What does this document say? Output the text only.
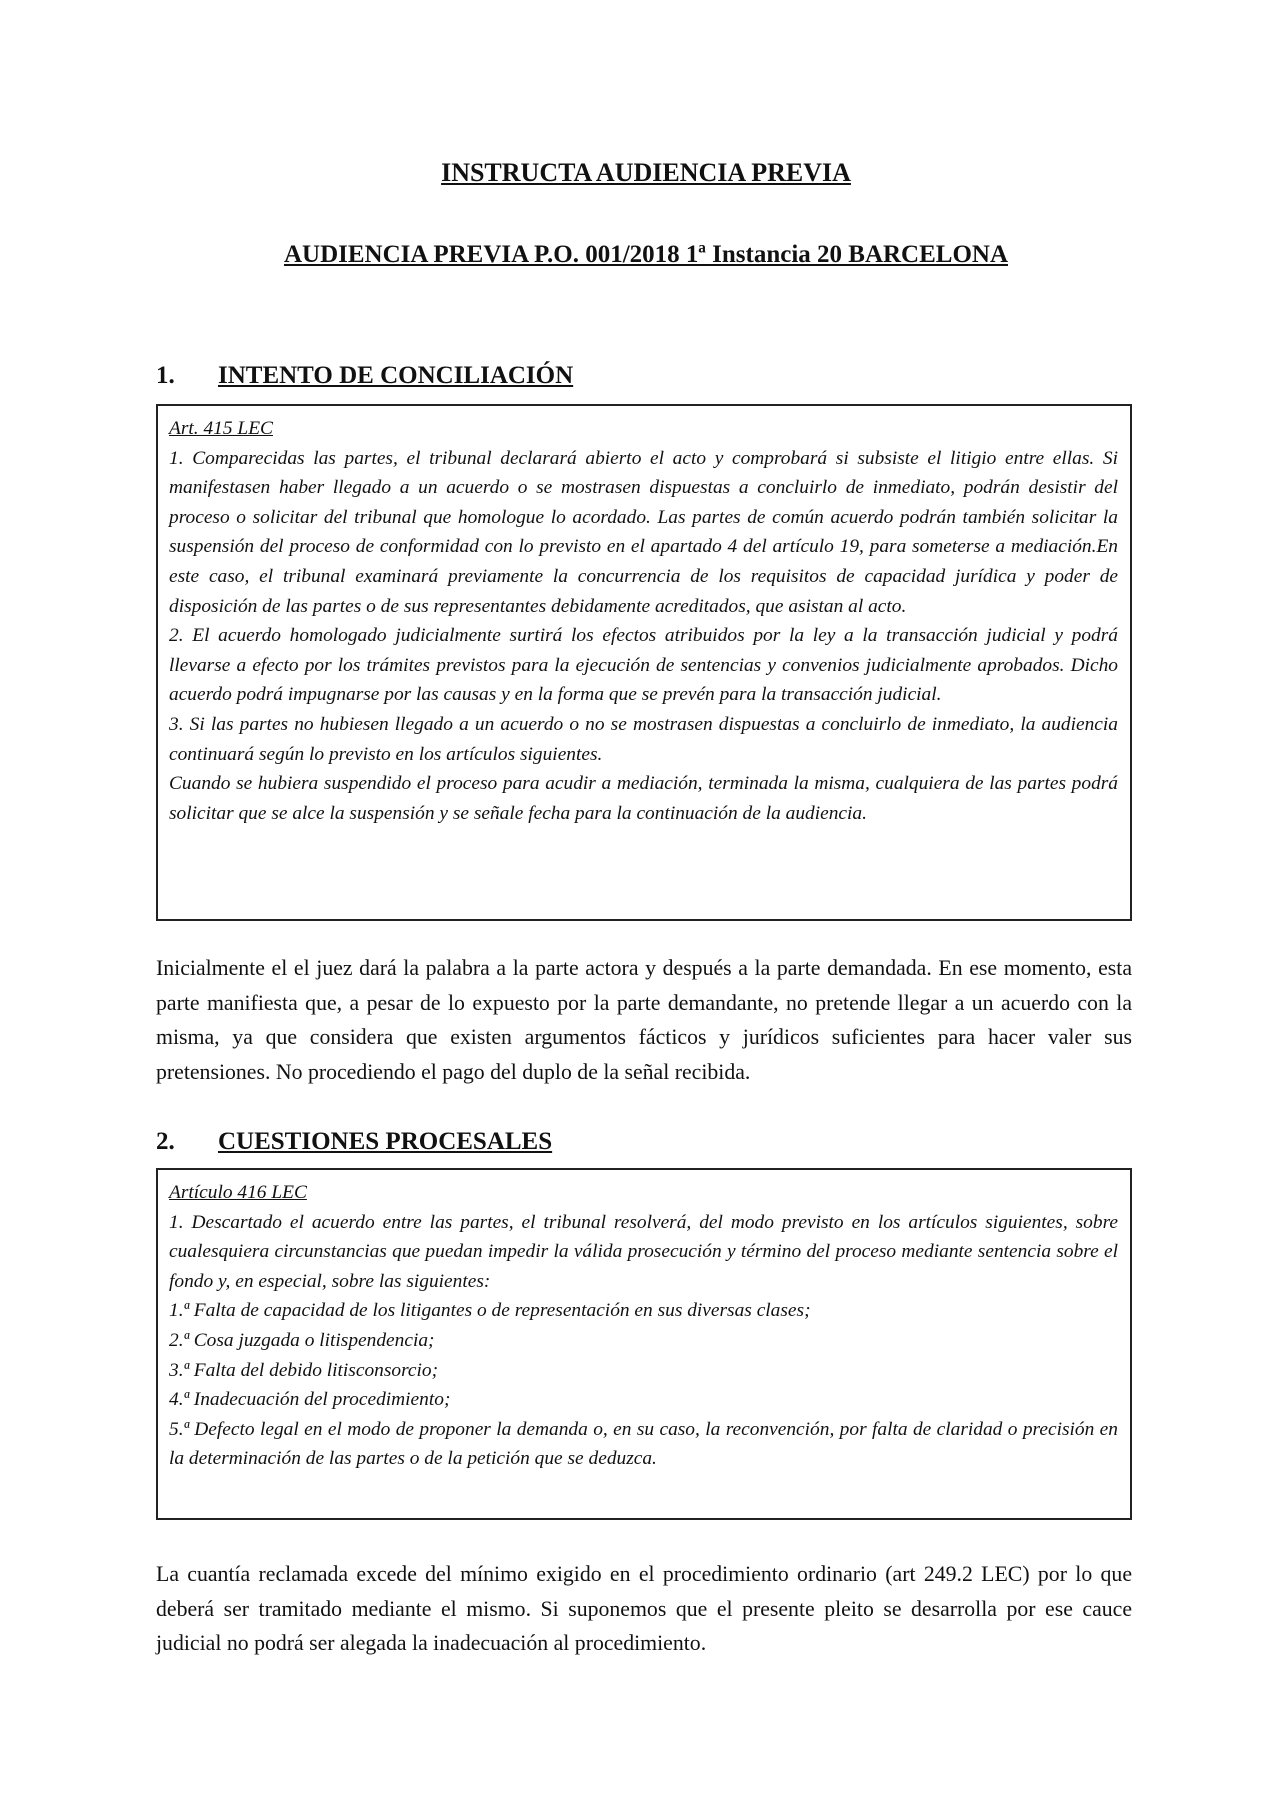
INSTRUCTA AUDIENCIA PREVIA
AUDIENCIA PREVIA P.O. 001/2018 1ª Instancia 20 BARCELONA
1.	INTENTO DE CONCILIACIÓN

Art. 415 LEC

1. Comparecidas las partes, el tribunal declarará abierto el acto y comprobará si subsiste el litigio entre ellas. Si manifestasen haber llegado a un acuerdo o se mostrasen dispuestas a concluirlo de inmediato, podrán desistir del proceso o solicitar del tribunal que homologue lo acordado. Las partes de común acuerdo podrán también solicitar la suspensión del proceso de conformidad con lo previsto en el apartado 4 del artículo 19, para someterse a mediación.En este caso, el tribunal examinará previamente la concurrencia de los requisitos de capacidad jurídica y poder de disposición de las partes o de sus representantes debidamente acreditados, que asistan al acto.

2. El acuerdo homologado judicialmente surtirá los efectos atribuidos por la ley a la transacción judicial y podrá llevarse a efecto por los trámites previstos para la ejecución de sentencias y convenios judicialmente aprobados. Dicho acuerdo podrá impugnarse por las causas y en la forma que se prevén para la transacción judicial.

3. Si las partes no hubiesen llegado a un acuerdo o no se mostrasen dispuestas a concluirlo de inmediato, la audiencia continuará según lo previsto en los artículos siguientes.

Cuando se hubiera suspendido el proceso para acudir a mediación, terminada la misma, cualquiera de las partes podrá solicitar que se alce la suspensión y se señale fecha para la continuación de la audiencia.

Inicialmente el el juez dará la palabra a la parte actora y después a la parte demandada. En ese momento, esta parte manifiesta que, a pesar de lo expuesto por la parte demandante, no pretende llegar a un acuerdo con la misma, ya que considera que existen argumentos fácticos y jurídicos suficientes para hacer valer sus pretensiones. No procediendo el pago del duplo de la señal recibida.

2.	CUESTIONES PROCESALES

Artículo 416 LEC

1. Descartado el acuerdo entre las partes, el tribunal resolverá, del modo previsto en los artículos siguientes, sobre cualesquiera circunstancias que puedan impedir la válida prosecución y término del proceso mediante sentencia sobre el fondo y, en especial, sobre las siguientes:

1.ª Falta de capacidad de los litigantes o de representación en sus diversas clases;

2.ª Cosa juzgada o litispendencia;

3.ª Falta del debido litisconsorcio;

4.ª Inadecuación del procedimiento;

5.ª Defecto legal en el modo de proponer la demanda o, en su caso, la reconvención, por falta de claridad o precisión en la determinación de las partes o de la petición que se deduzca.

La cuantía reclamada excede del mínimo exigido en el procedimiento ordinario (art 249.2 LEC) por lo que deberá ser tramitado mediante el mismo. Si suponemos que el presente pleito se desarrolla por ese cauce judicial no podrá ser alegada la inadecuación al procedimiento.
